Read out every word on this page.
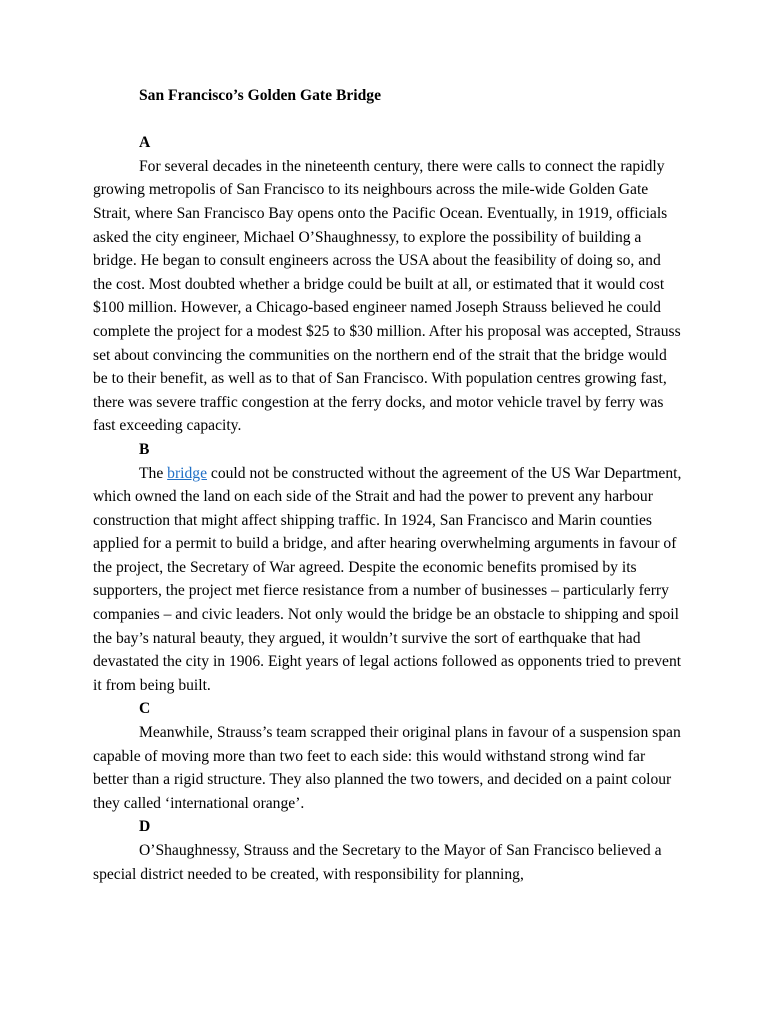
San Francisco’s Golden Gate Bridge

A

For several decades in the nineteenth century, there were calls to connect the rapidly growing metropolis of San Francisco to its neighbours across the mile-wide Golden Gate Strait, where San Francisco Bay opens onto the Pacific Ocean. Eventually, in 1919, officials asked the city engineer, Michael O’Shaughnessy, to explore the possibility of building a bridge. He began to consult engineers across the USA about the feasibility of doing so, and the cost. Most doubted whether a bridge could be built at all, or estimated that it would cost $100 million. However, a Chicago-based engineer named Joseph Strauss believed he could complete the project for a modest $25 to $30 million. After his proposal was accepted, Strauss set about convincing the communities on the northern end of the strait that the bridge would be to their benefit, as well as to that of San Francisco. With population centres growing fast, there was severe traffic congestion at the ferry docks, and motor vehicle travel by ferry was fast exceeding capacity.

B

The bridge could not be constructed without the agreement of the US War Department, which owned the land on each side of the Strait and had the power to prevent any harbour construction that might affect shipping traffic. In 1924, San Francisco and Marin counties applied for a permit to build a bridge, and after hearing overwhelming arguments in favour of the project, the Secretary of War agreed. Despite the economic benefits promised by its supporters, the project met fierce resistance from a number of businesses – particularly ferry companies – and civic leaders. Not only would the bridge be an obstacle to shipping and spoil the bay’s natural beauty, they argued, it wouldn’t survive the sort of earthquake that had devastated the city in 1906. Eight years of legal actions followed as opponents tried to prevent it from being built.

C

Meanwhile, Strauss’s team scrapped their original plans in favour of a suspension span capable of moving more than two feet to each side: this would withstand strong wind far better than a rigid structure. They also planned the two towers, and decided on a paint colour they called ‘international orange’.

D

O’Shaughnessy, Strauss and the Secretary to the Mayor of San Francisco believed a special district needed to be created, with responsibility for planning,
